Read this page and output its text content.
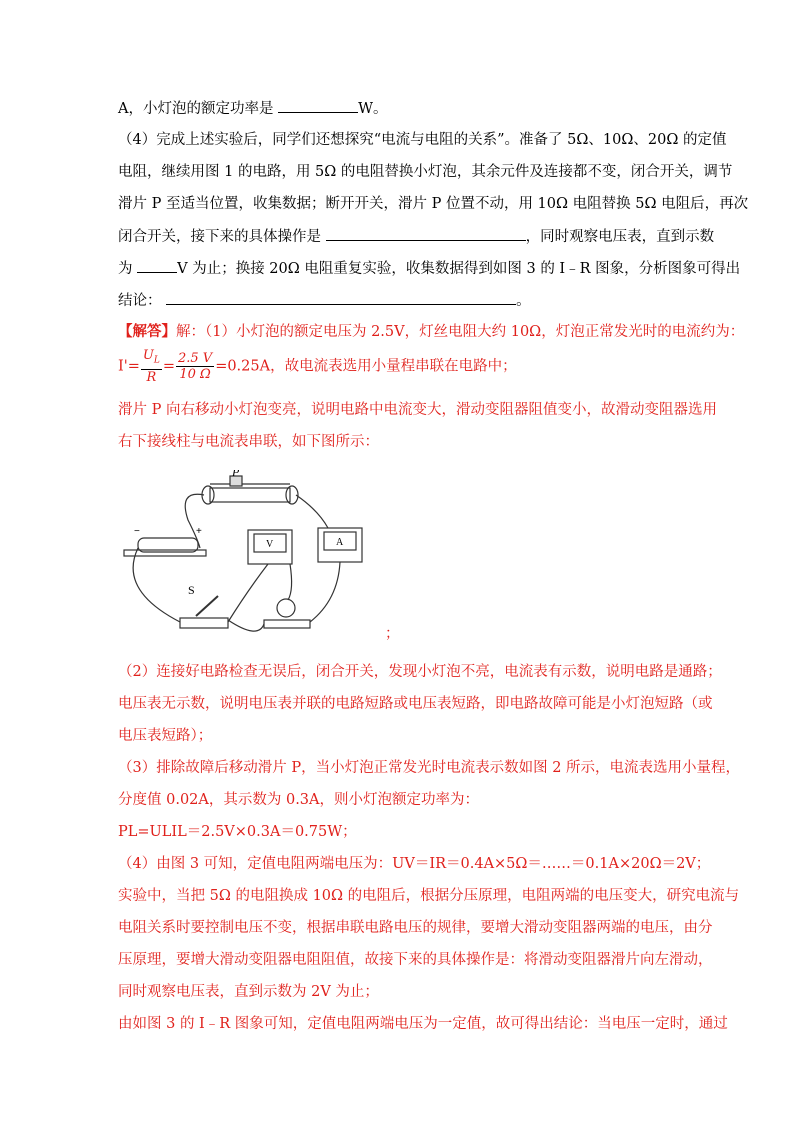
A，小灯泡的额定功率是	W。
（4）完成上述实验后，同学们还想探究“电流与电阻的关系”。准备了 5Ω、10Ω、20Ω 的定值
电阻，继续用图 1 的电路，用 5Ω 的电阻替换小灯泡，其余元件及连接都不变，闭合开关，调节
滑片 P 至适当位置，收集数据；断开开关，滑片 P 位置不动，用 10Ω 电阻替换 5Ω 电阻后，再次
闭合开关，接下来的具体操作是	，同时观察电压表，直到示数
为	V 为止；换接 20Ω 电阻重复实验，收集数据得到如图 3 的 I﹣R 图象，分析图象可得出
结论：	。
【解答】解：（1）小灯泡的额定电压为 2.5V，灯丝电阻大约 10Ω，灯泡正常发光时的电流约为：
$I'= \frac{U_L}{R} = \frac{2.5 V}{10 \Omega} =0.25A$，故电流表选用小量程串联在电路中；
滑片 P 向右移动小灯泡变亮，说明电路中电流变大，滑动变阻器阻值变小，故滑动变阻器选用
右下接线柱与电流表串联，如下图所示：
P
S
V	A
−	+
；
（2）连接好电路检查无误后，闭合开关，发现小灯泡不亮，电流表有示数，说明电路是通路；
电压表无示数，说明电压表并联的电路短路或电压表短路，即电路故障可能是小灯泡短路（或
电压表短路）；
（3）排除故障后移动滑片 P，当小灯泡正常发光时电流表示数如图 2 所示，电流表选用小量程，
分度值 0.02A，其示数为 0.3A，则小灯泡额定功率为：
PL=ULIL＝2.5V×0.3A＝0.75W；
（4）由图 3 可知，定值电阻两端电压为：UV＝IR＝0.4A×5Ω＝……＝0.1A×20Ω＝2V；
实验中，当把 5Ω 的电阻换成 10Ω 的电阻后，根据分压原理，电阻两端的电压变大，研究电流与
电阻关系时要控制电压不变，根据串联电路电压的规律，要增大滑动变阻器两端的电压，由分
压原理，要增大滑动变阻器电阻阻值，故接下来的具体操作是：将滑动变阻器滑片向左滑动，
同时观察电压表，直到示数为 2V 为止；
由如图 3 的 I﹣R 图象可知，定值电阻两端电压为一定值，故可得出结论：当电压一定时，通过
